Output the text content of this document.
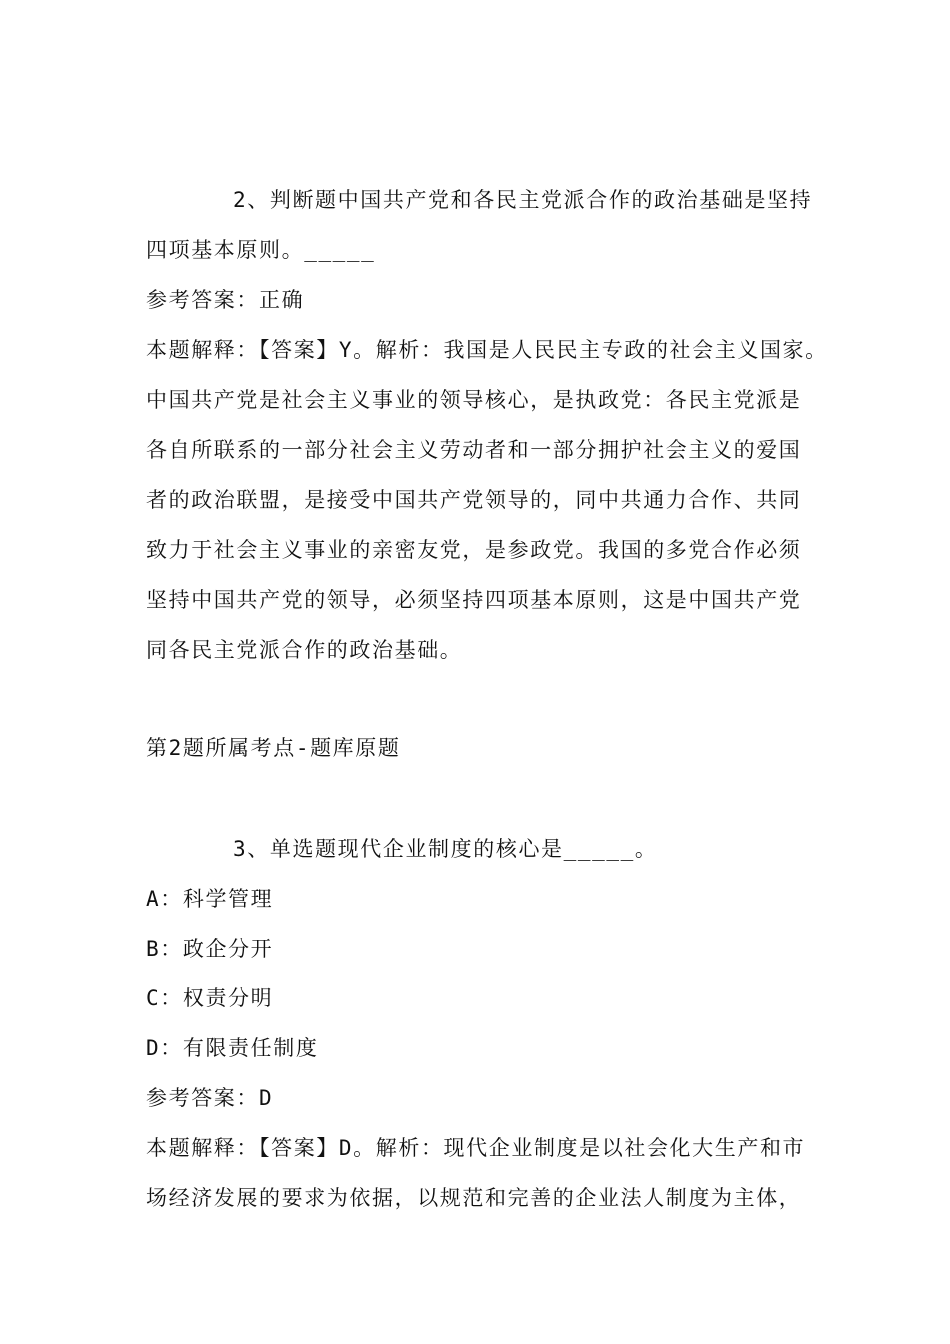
2、判断题中国共产党和各民主党派合作的政治基础是坚持
四项基本原则。_____
参考答案：正确
本题解释：【答案】Y。解析：我国是人民民主专政的社会主义国家。
中国共产党是社会主义事业的领导核心，是执政党：各民主党派是
各自所联系的一部分社会主义劳动者和一部分拥护社会主义的爱国
者的政治联盟，是接受中国共产党领导的，同中共通力合作、共同
致力于社会主义事业的亲密友党，是参政党。我国的多党合作必须
坚持中国共产党的领导，必须坚持四项基本原则，这是中国共产党
同各民主党派合作的政治基础。
第2题所属考点-题库原题
3、单选题现代企业制度的核心是_____。
A：科学管理
B：政企分开
C：权责分明
D：有限责任制度
参考答案：D
本题解释：【答案】D。解析：现代企业制度是以社会化大生产和市
场经济发展的要求为依据，以规范和完善的企业法人制度为主体，
